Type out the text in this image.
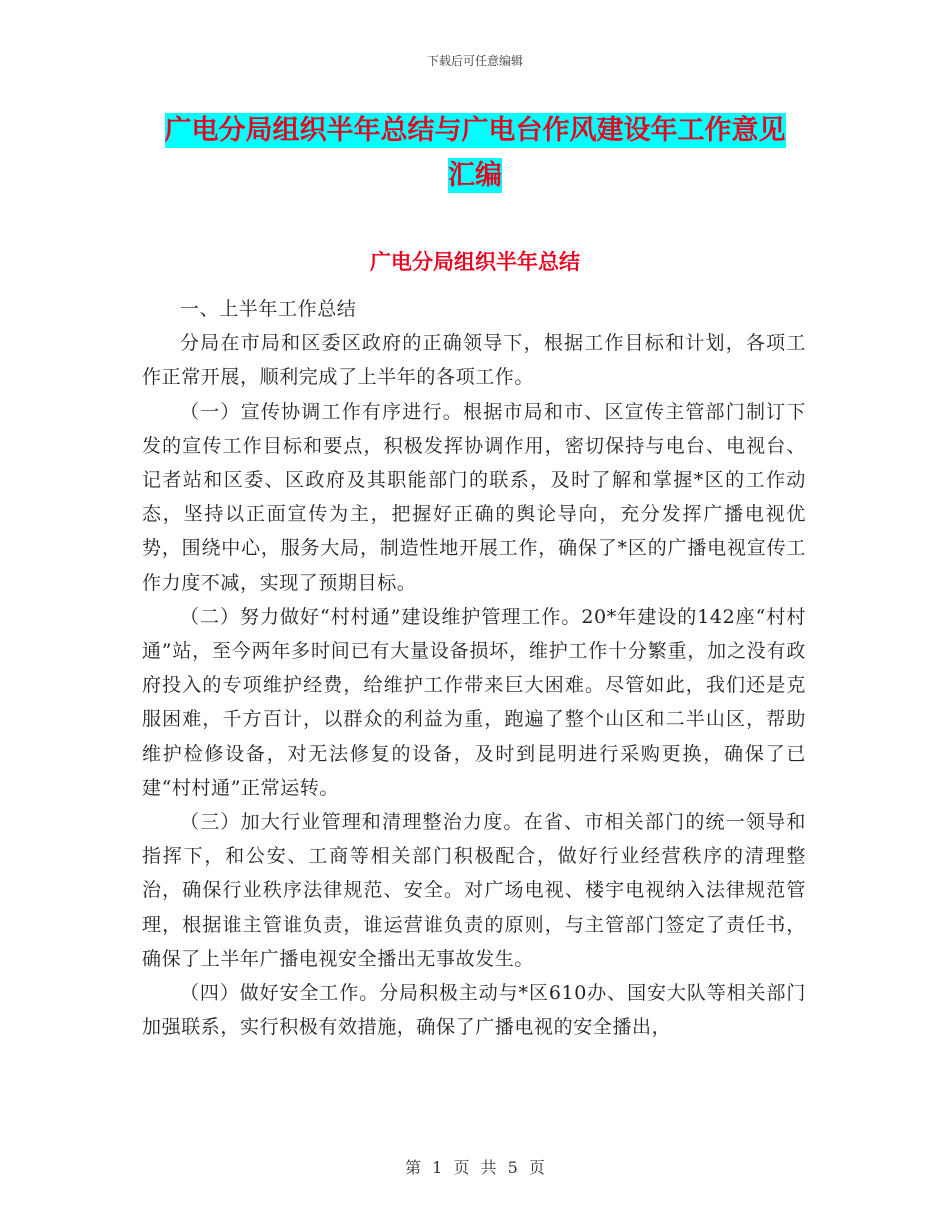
下载后可任意编辑
广电分局组织半年总结与广电台作风建设年工作意见
汇编
广电分局组织半年总结

一、上半年工作总结

分局在市局和区委区政府的正确领导下，根据工作目标和计划，各项工作正常开展，顺利完成了上半年的各项工作。

（一）宣传协调工作有序进行。根据市局和市、区宣传主管部门制订下发的宣传工作目标和要点，积极发挥协调作用，密切保持与电台、电视台、记者站和区委、区政府及其职能部门的联系，及时了解和掌握*区的工作动态，坚持以正面宣传为主，把握好正确的舆论导向，充分发挥广播电视优势，围绕中心，服务大局，制造性地开展工作，确保了*区的广播电视宣传工作力度不减，实现了预期目标。

（二）努力做好“村村通”建设维护管理工作。20*年建设的142座“村村通”站，至今两年多时间已有大量设备损坏，维护工作十分繁重，加之没有政府投入的专项维护经费，给维护工作带来巨大困难。尽管如此，我们还是克服困难，千方百计，以群众的利益为重，跑遍了整个山区和二半山区，帮助维护检修设备，对无法修复的设备，及时到昆明进行采购更换，确保了已建“村村通”正常运转。

（三）加大行业管理和清理整治力度。在省、市相关部门的统一领导和指挥下，和公安、工商等相关部门积极配合，做好行业经营秩序的清理整治，确保行业秩序法律规范、安全。对广场电视、楼宇电视纳入法律规范管理，根据谁主管谁负责，谁运营谁负责的原则，与主管部门签定了责任书，确保了上半年广播电视安全播出无事故发生。

（四）做好安全工作。分局积极主动与*区610办、国安大队等相关部门加强联系，实行积极有效措施，确保了广播电视的安全播出，

第 1 页 共 5 页
